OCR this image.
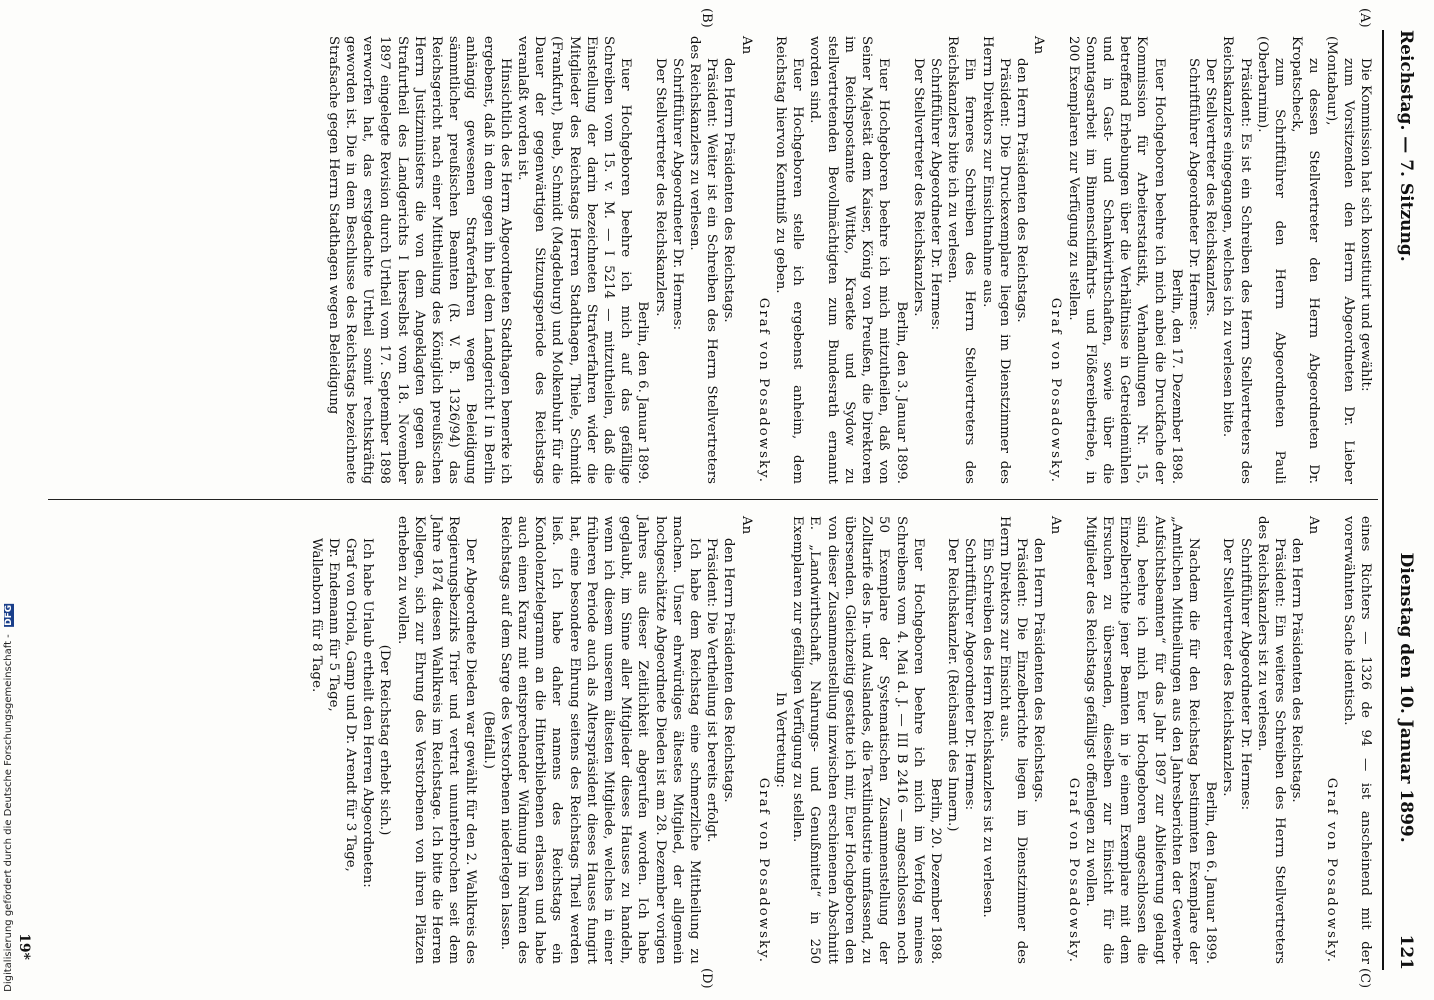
Digitalisierung gefördert durch die Deutsche Forschungsgemeinschaft - DFG
Reichstag. — 7. Sitzung.
Dienstag den 10. Januar 1899.  121
(A)
(B)
(C)
(D)

Die Kommission hat sich konstituirt und gewählt:

zum Vorsitzenden den Herrn Abgeordneten Dr. Lieber (Montabaur),

zu dessen Stellvertreter den Herrn Abgeordneten Dr. Kropatscheck,

zum Schriftführer den Herrn Abgeordneten Pauli (Oberbarnim).

Präsident: Es ist ein Schreiben des Herrn Stellvertreters des Reichskanzlers eingegangen, welches ich zu verlesen bitte.

Der Stellvertreter des Reichskanzlers.

Schriftführer Abgeordneter Dr. Hermes:

Berlin, den 17. Dezember 1898.

Euer Hochgeboren beehre ich mich anbei die Druckfache der Kommission für Arbeiterstatistik, Verhandlungen Nr. 15, betreffend Erhebungen über die Verhältnisse in Getreidemühlen und in Gast- und Schankwirthschaften, sowie über die Sonntagsarbeit im Binnenschiffahrts- und Flößereibetriebe, in 200 Exemplaren zur Verfügung zu stellen.

Graf von Posadowsky.

An

den Herrn Präsidenten des Reichstags.

Präsident: Die Druckexemplare liegen im Dienstzimmer des Herrn Direktors zur Einsichtnahme aus.

Ein ferneres Schreiben des Herrn Stellvertreters des Reichskanzlers bitte ich zu verlesen.

Schriftführer Abgeordneter Dr. Hermes:

Der Stellvertreter des Reichskanzlers.

Berlin, den 3. Januar 1899.

Euer Hochgeboren beehre ich mich mitzutheilen, daß von Seiner Majestät dem Kaiser, König von Preußen, die Direktoren im Reichspostamte Wittko, Kraetke und Sydow zu stellvertretenden Bevollmächtigten zum Bundesrath ernannt worden sind.

Euer Hochgeboren stelle ich ergebenst anheim, dem Reichstag hiervon Kenntniß zu geben.

Graf von Posadowsky.

An

den Herrn Präsidenten des Reichstags.

Präsident: Weiter ist ein Schreiben des Herrn Stellvertreters des Reichskanzlers zu verlesen.

Schriftführer Abgeordneter Dr. Hermes:

Der Stellvertreter des Reichskanzlers.

Berlin, den 6. Januar 1899.

Euer Hochgeboren beehre ich mich auf das gefällige Schreiben vom 15. v. M. — I 5214 — mitzutheilen, daß die Einstellung der darin bezeichneten Strafverfahren wider die Mitglieder des Reichstags Herren Stadthagen, Thiele, Schmidt (Frankfurt), Bueb, Schmidt (Magdeburg) und Molkenbuhr für die Dauer der gegenwärtigen Sitzungsperiode des Reichstags veranlaßt worden ist.

Hinsichtlich des Herrn Abgeordneten Stadthagen bemerke ich ergebenst, daß in dem gegen ihn bei dem Landgericht I in Berlin anhängig gewesenen Strafverfahren wegen Beleidigung sämmtlicher preußischen Beamten (R. V. B. 1326/94) das Reichsgericht nach einer Mittheilung des Königlich preußischen Herrn Justizministers die von dem Angeklagten gegen das Strafurtheil des Landgerichts I hierselbst vom 18. November 1897 eingelegte Revision durch Urtheil vom 17. September 1898 verworfen hat, das erstgedachte Urtheil somit rechtskräftig geworden ist. Die in dem Beschlusse des Reichstags bezeichnete Strafsache gegen Herrn Stadthagen wegen Beleidigung

eines Richters — 1326 de 94 — ist anscheinend mit der vorerwähnten Sache identisch.

Graf von Posadowsky.

An

den Herrn Präsidenten des Reichstags.

Präsident: Ein weiteres Schreiben des Herrn Stellvertreters des Reichskanzlers ist zu verlesen.

Schriftführer Abgeordneter Dr. Hermes:

Der Stellvertreter des Reichskanzlers.

Berlin, den 6. Januar 1899.

Nachdem die für den Reichstag bestimmten Exemplare der „Amtlichen Mittheilungen aus den Jahresberichten der Gewerbe-Aufsichtsbeamten“ für das Jahr 1897 zur Ablieferung gelangt sind, beehre ich mich Euer Hochgeboren angeschlossen die Einzelberichte jener Beamten in je einem Exemplare mit dem Ersuchen zu übersenden, dieselben zur Einsicht für die Mitglieder des Reichstags gefälligst offenlegen zu wollen.

Graf von Posadowsky.

An

den Herrn Präsidenten des Reichstags.

Präsident: Die Einzelberichte liegen im Dienstzimmer des Herrn Direktors zur Einsicht aus.

Ein Schreiben des Herrn Reichskanzlers ist zu verlesen.

Schriftführer Abgeordneter Dr. Hermes:

Der Reichskanzler. (Reichsamt des Innern.)

Berlin, 20. Dezember 1898.

Euer Hochgeboren beehre ich mich im Verfolg meines Schreibens vom 4. Mai d. J. — III B 2416 — angeschlossen noch 50 Exemplare der Systematischen Zusammenstellung der Zolltarife des In- und Auslandes, die Textilindustrie umfassend, zu übersenden. Gleichzeitig gestatte ich mir, Euer Hochgeboren den von dieser Zusammenstellung inzwischen erschienenen Abschnitt E. „Landwirthschaft, Nahrungs- und Genußmittel“ in 250 Exemplaren zur gefälligen Verfügung zu stellen.

In Vertretung:

Graf von Posadowsky.

An

den Herrn Präsidenten des Reichstags.

Präsident: Die Vertheilung ist bereits erfolgt.

Ich habe dem Reichstag eine schmerzliche Mittheilung zu machen. Unser ehrwürdiges ältestes Mitglied, der allgemein hochgeschätzte Abgeordnete Dieden ist am 28. Dezember vorigen Jahres aus dieser Zeitlichkeit abgerufen worden. Ich habe geglaubt, im Sinne aller Mitglieder dieses Hauses zu handeln, wenn ich diesem unserem ältesten Mitgliede, welches in einer früheren Periode auch als Alterspräsident dieses Hauses fungirt hat, eine besondere Ehrung seitens des Reichstags Theil werden ließ. Ich habe daher namens des Reichstags ein Kondolenztelegramm an die Hinterbliebenen erlassen und habe auch einen Kranz mit entsprechender Widmung im Namen des Reichstags auf dem Sarge des Verstorbenen niederlegen lassen.

(Beifall.)

Der Abgeordnete Dieden war gewählt für den 2. Wahlkreis des Regierungsbezirks Trier und vertrat ununterbrochen seit dem Jahre 1874 diesen Wahlkreis im Reichstage. Ich bitte die Herren Kollegen, sich zur Ehrung des Verstorbenen von ihren Plätzen erheben zu wollen.

(Der Reichstag erhebt sich.)

Ich habe Urlaub ertheilt den Herren Abgeordneten:

Graf von Oriola, Gamp und Dr. Arendt für 3 Tage,

Dr. Endemann für 5 Tage,

Wallenborn für 8 Tage.

19*
